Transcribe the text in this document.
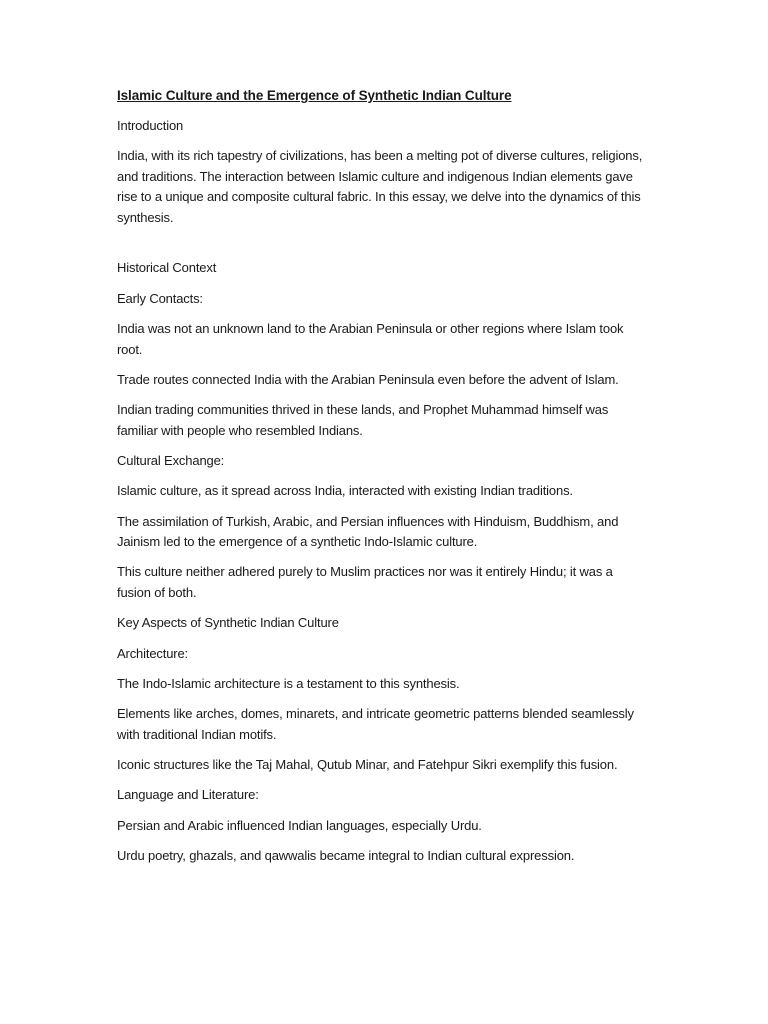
Islamic Culture and the Emergence of Synthetic Indian Culture
Introduction
India, with its rich tapestry of civilizations, has been a melting pot of diverse cultures, religions, and traditions. The interaction between Islamic culture and indigenous Indian elements gave rise to a unique and composite cultural fabric. In this essay, we delve into the dynamics of this synthesis.
Historical Context
Early Contacts:
India was not an unknown land to the Arabian Peninsula or other regions where Islam took root.
Trade routes connected India with the Arabian Peninsula even before the advent of Islam.
Indian trading communities thrived in these lands, and Prophet Muhammad himself was familiar with people who resembled Indians.
Cultural Exchange:
Islamic culture, as it spread across India, interacted with existing Indian traditions.
The assimilation of Turkish, Arabic, and Persian influences with Hinduism, Buddhism, and Jainism led to the emergence of a synthetic Indo-Islamic culture.
This culture neither adhered purely to Muslim practices nor was it entirely Hindu; it was a fusion of both.
Key Aspects of Synthetic Indian Culture
Architecture:
The Indo-Islamic architecture is a testament to this synthesis.
Elements like arches, domes, minarets, and intricate geometric patterns blended seamlessly with traditional Indian motifs.
Iconic structures like the Taj Mahal, Qutub Minar, and Fatehpur Sikri exemplify this fusion.
Language and Literature:
Persian and Arabic influenced Indian languages, especially Urdu.
Urdu poetry, ghazals, and qawwalis became integral to Indian cultural expression.
